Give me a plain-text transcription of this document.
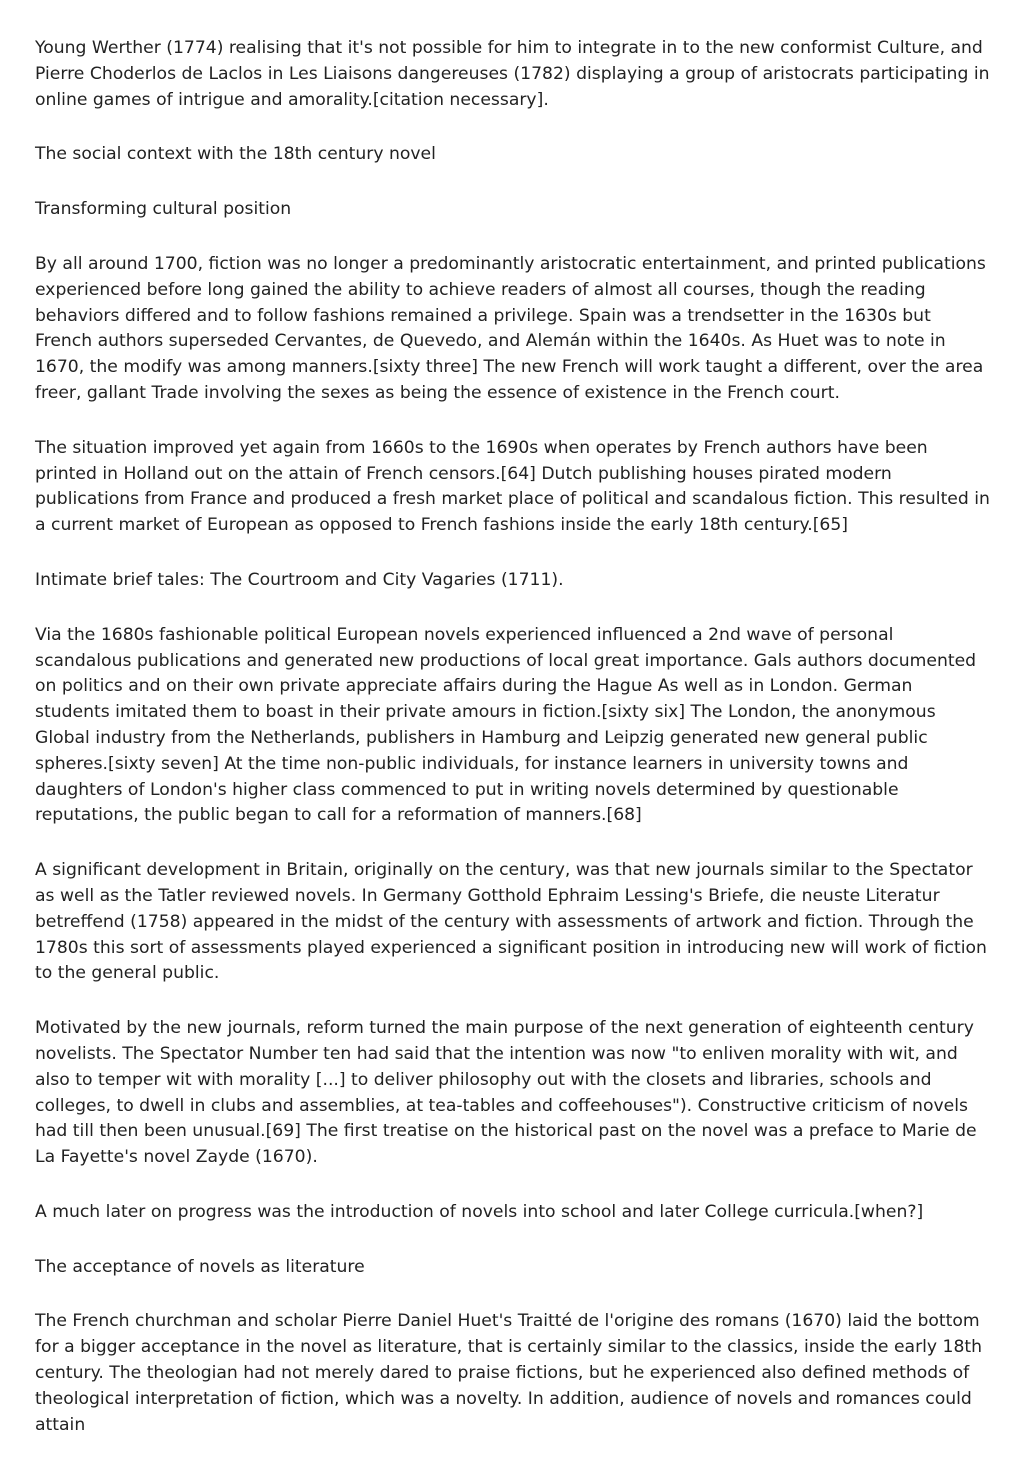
Young Werther (1774) realising that it's not possible for him to integrate in to the new conformist Culture, and Pierre Choderlos de Laclos in Les Liaisons dangereuses (1782) displaying a group of aristocrats participating in online games of intrigue and amorality.[citation necessary].

The social context with the 18th century novel

Transforming cultural position

By all around 1700, fiction was no longer a predominantly aristocratic entertainment, and printed publications experienced before long gained the ability to achieve readers of almost all courses, though the reading behaviors differed and to follow fashions remained a privilege. Spain was a trendsetter in the 1630s but French authors superseded Cervantes, de Quevedo, and Alemán within the 1640s. As Huet was to note in 1670, the modify was among manners.[sixty three] The new French will work taught a different, over the area freer, gallant Trade involving the sexes as being the essence of existence in the French court.

The situation improved yet again from 1660s to the 1690s when operates by French authors have been printed in Holland out on the attain of French censors.[64] Dutch publishing houses pirated modern publications from France and produced a fresh market place of political and scandalous fiction. This resulted in a current market of European as opposed to French fashions inside the early 18th century.[65]

Intimate brief tales: The Courtroom and City Vagaries (1711).

Via the 1680s fashionable political European novels experienced influenced a 2nd wave of personal scandalous publications and generated new productions of local great importance. Gals authors documented on politics and on their own private appreciate affairs during the Hague As well as in London. German students imitated them to boast in their private amours in fiction.[sixty six] The London, the anonymous Global industry from the Netherlands, publishers in Hamburg and Leipzig generated new general public spheres.[sixty seven] At the time non-public individuals, for instance learners in university towns and daughters of London's higher class commenced to put in writing novels determined by questionable reputations, the public began to call for a reformation of manners.[68]

A significant development in Britain, originally on the century, was that new journals similar to the Spectator as well as the Tatler reviewed novels. In Germany Gotthold Ephraim Lessing's Briefe, die neuste Literatur betreffend (1758) appeared in the midst of the century with assessments of artwork and fiction. Through the 1780s this sort of assessments played experienced a significant position in introducing new will work of fiction to the general public.

Motivated by the new journals, reform turned the main purpose of the next generation of eighteenth century novelists. The Spectator Number ten had said that the intention was now "to enliven morality with wit, and also to temper wit with morality [...] to deliver philosophy out with the closets and libraries, schools and colleges, to dwell in clubs and assemblies, at tea-tables and coffeehouses"). Constructive criticism of novels had till then been unusual.[69] The first treatise on the historical past on the novel was a preface to Marie de La Fayette's novel Zayde (1670).

A much later on progress was the introduction of novels into school and later College curricula.[when?]

The acceptance of novels as literature

The French churchman and scholar Pierre Daniel Huet's Traitté de l'origine des romans (1670) laid the bottom for a bigger acceptance in the novel as literature, that is certainly similar to the classics, inside the early 18th century. The theologian had not merely dared to praise fictions, but he experienced also defined methods of theological interpretation of fiction, which was a novelty. In addition, audience of novels and romances could attain
